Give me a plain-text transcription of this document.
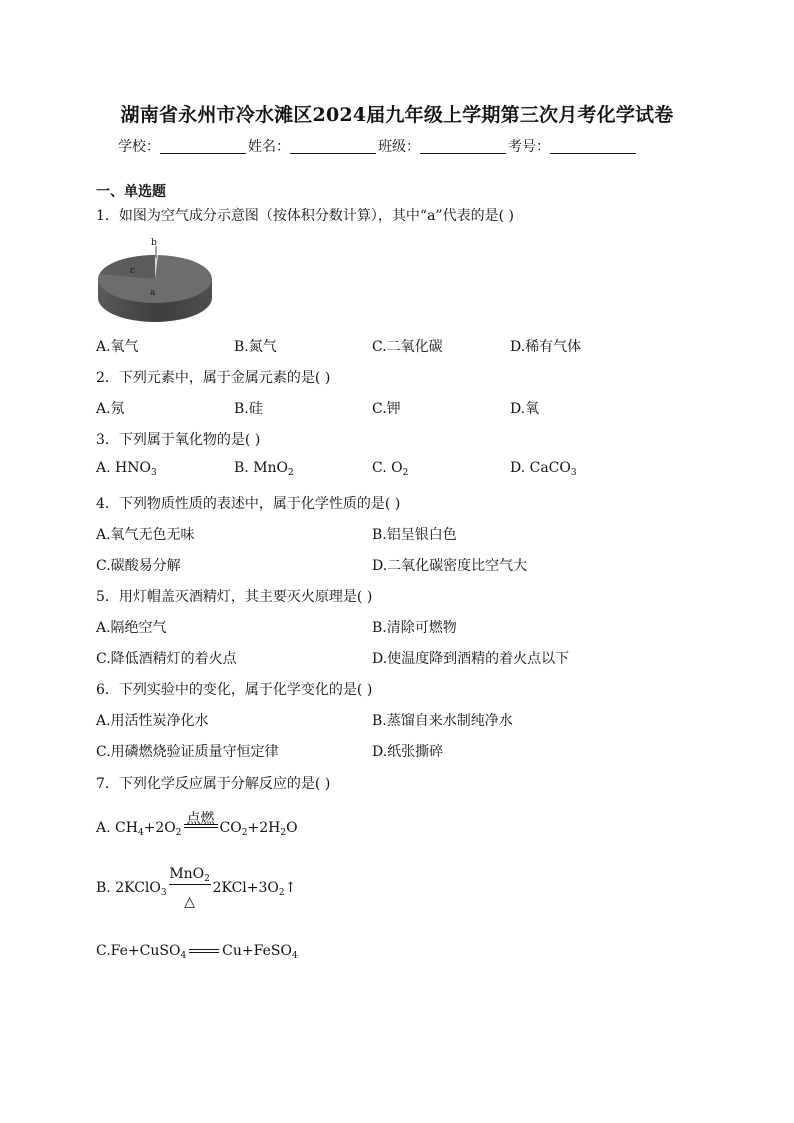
湖南省永州市冷水滩区2024届九年级上学期第三次月考化学试卷
学校：	姓名：	班级：	考号：
一、单选题
1．如图为空气成分示意图（按体积分数计算），其中“a”代表的是( )
b
c
a
A.氧气	B.氮气	C.二氧化碳	D.稀有气体
2．下列元素中，属于金属元素的是( )
A.氖	B.硅	C.钾	D.氧
3．下列属于氧化物的是( )
A. $HNO_3$	B. MnO$_2$	C. $O_2$	D. CaCO$_3$
4．下列物质性质的表述中，属于化学性质的是( )
A.氧气无色无味	B.铝呈银白色
C.碳酸易分解	D.二氧化碳密度比空气大
5．用灯帽盖灭酒精灯，其主要灭火原理是( )
A.隔绝空气	B.清除可燃物
C.降低酒精灯的着火点	D.使温度降到酒精的着火点以下
6．下列实验中的变化，属于化学变化的是( )
A.用活性炭净化水	B.蒸馏自来水制纯净水
C.用磷燃烧验证质量守恒定律	D.纸张撕碎
7．下列化学反应属于分解反应的是( )
A. $CH_4+2O_2$
点燃
$CO_2+2H_2O$
B. 2KClO$_3$
MnO$_2$
△
$2KCl+3O_2↑$
C.Fe+CuSO$_4$	Cu+FeSO$_4$
